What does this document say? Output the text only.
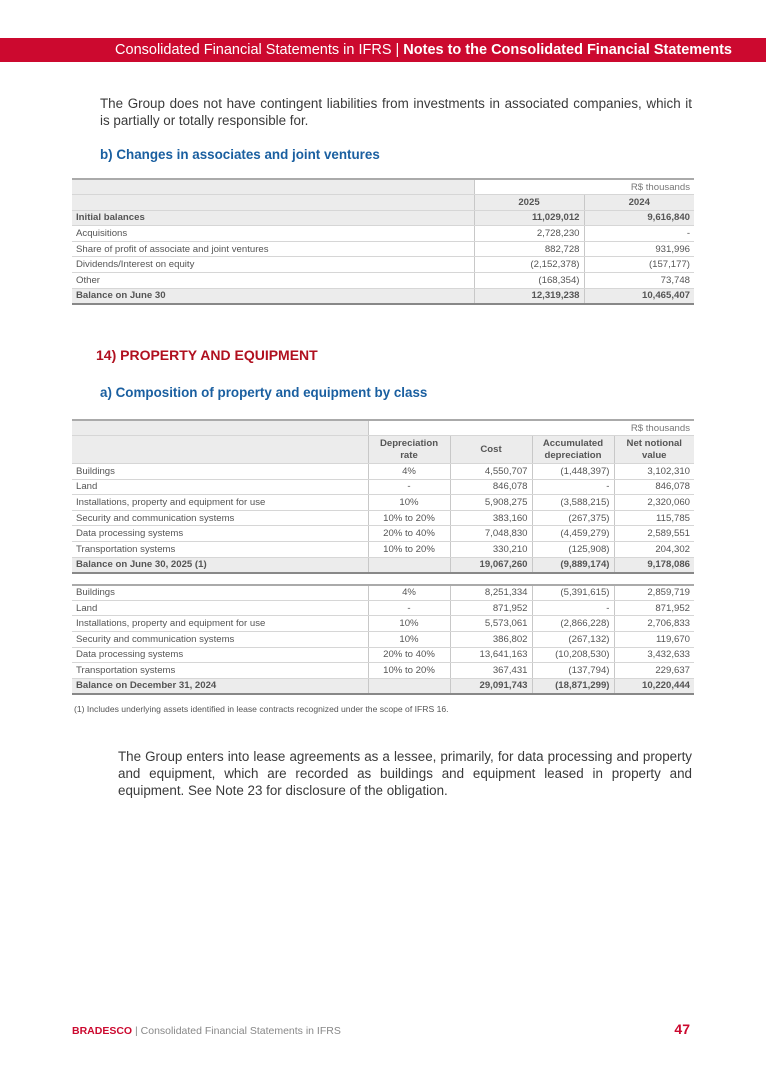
Consolidated Financial Statements in IFRS | Notes to the Consolidated Financial Statements
The Group does not have contingent liabilities from investments in associated companies, which it is partially or totally responsible for.
b) Changes in associates and joint ventures
	R$ thousands	
	2025	2024
Initial balances	11,029,012	9,616,840
Acquisitions	2,728,230	-
Share of profit of associate and joint ventures	882,728	931,996
Dividends/Interest on equity	(2,152,378)	(157,177)
Other	(168,354)	73,748
Balance on June 30	12,319,238	10,465,407
14) PROPERTY AND EQUIPMENT
a) Composition of property and equipment by class
	R$ thousands			
	Depreciation rate	Cost	Accumulated depreciation	Net notional value
Buildings	4%	4,550,707	(1,448,397)	3,102,310
Land	-	846,078	-	846,078
Installations, property and equipment for use	10%	5,908,275	(3,588,215)	2,320,060
Security and communication systems	10% to 20%	383,160	(267,375)	115,785
Data processing systems	20% to 40%	7,048,830	(4,459,279)	2,589,551
Transportation systems	10% to 20%	330,210	(125,908)	204,302
Balance on June 30, 2025 (1)		19,067,260	(9,889,174)	9,178,086

Buildings	4%	8,251,334	(5,391,615)	2,859,719
Land	-	871,952	-	871,952
Installations, property and equipment for use	10%	5,573,061	(2,866,228)	2,706,833
Security and communication systems	10%	386,802	(267,132)	119,670
Data processing systems	20% to 40%	13,641,163	(10,208,530)	3,432,633
Transportation systems	10% to 20%	367,431	(137,794)	229,637
Balance on December 31, 2024		29,091,743	(18,871,299)	10,220,444
(1) Includes underlying assets identified in lease contracts recognized under the scope of IFRS 16.
The Group enters into lease agreements as a lessee, primarily, for data processing and property and equipment, which are recorded as buildings and equipment leased in property and equipment. See Note 23 for disclosure of the obligation.
BRADESCO | Consolidated Financial Statements in IFRS	47
